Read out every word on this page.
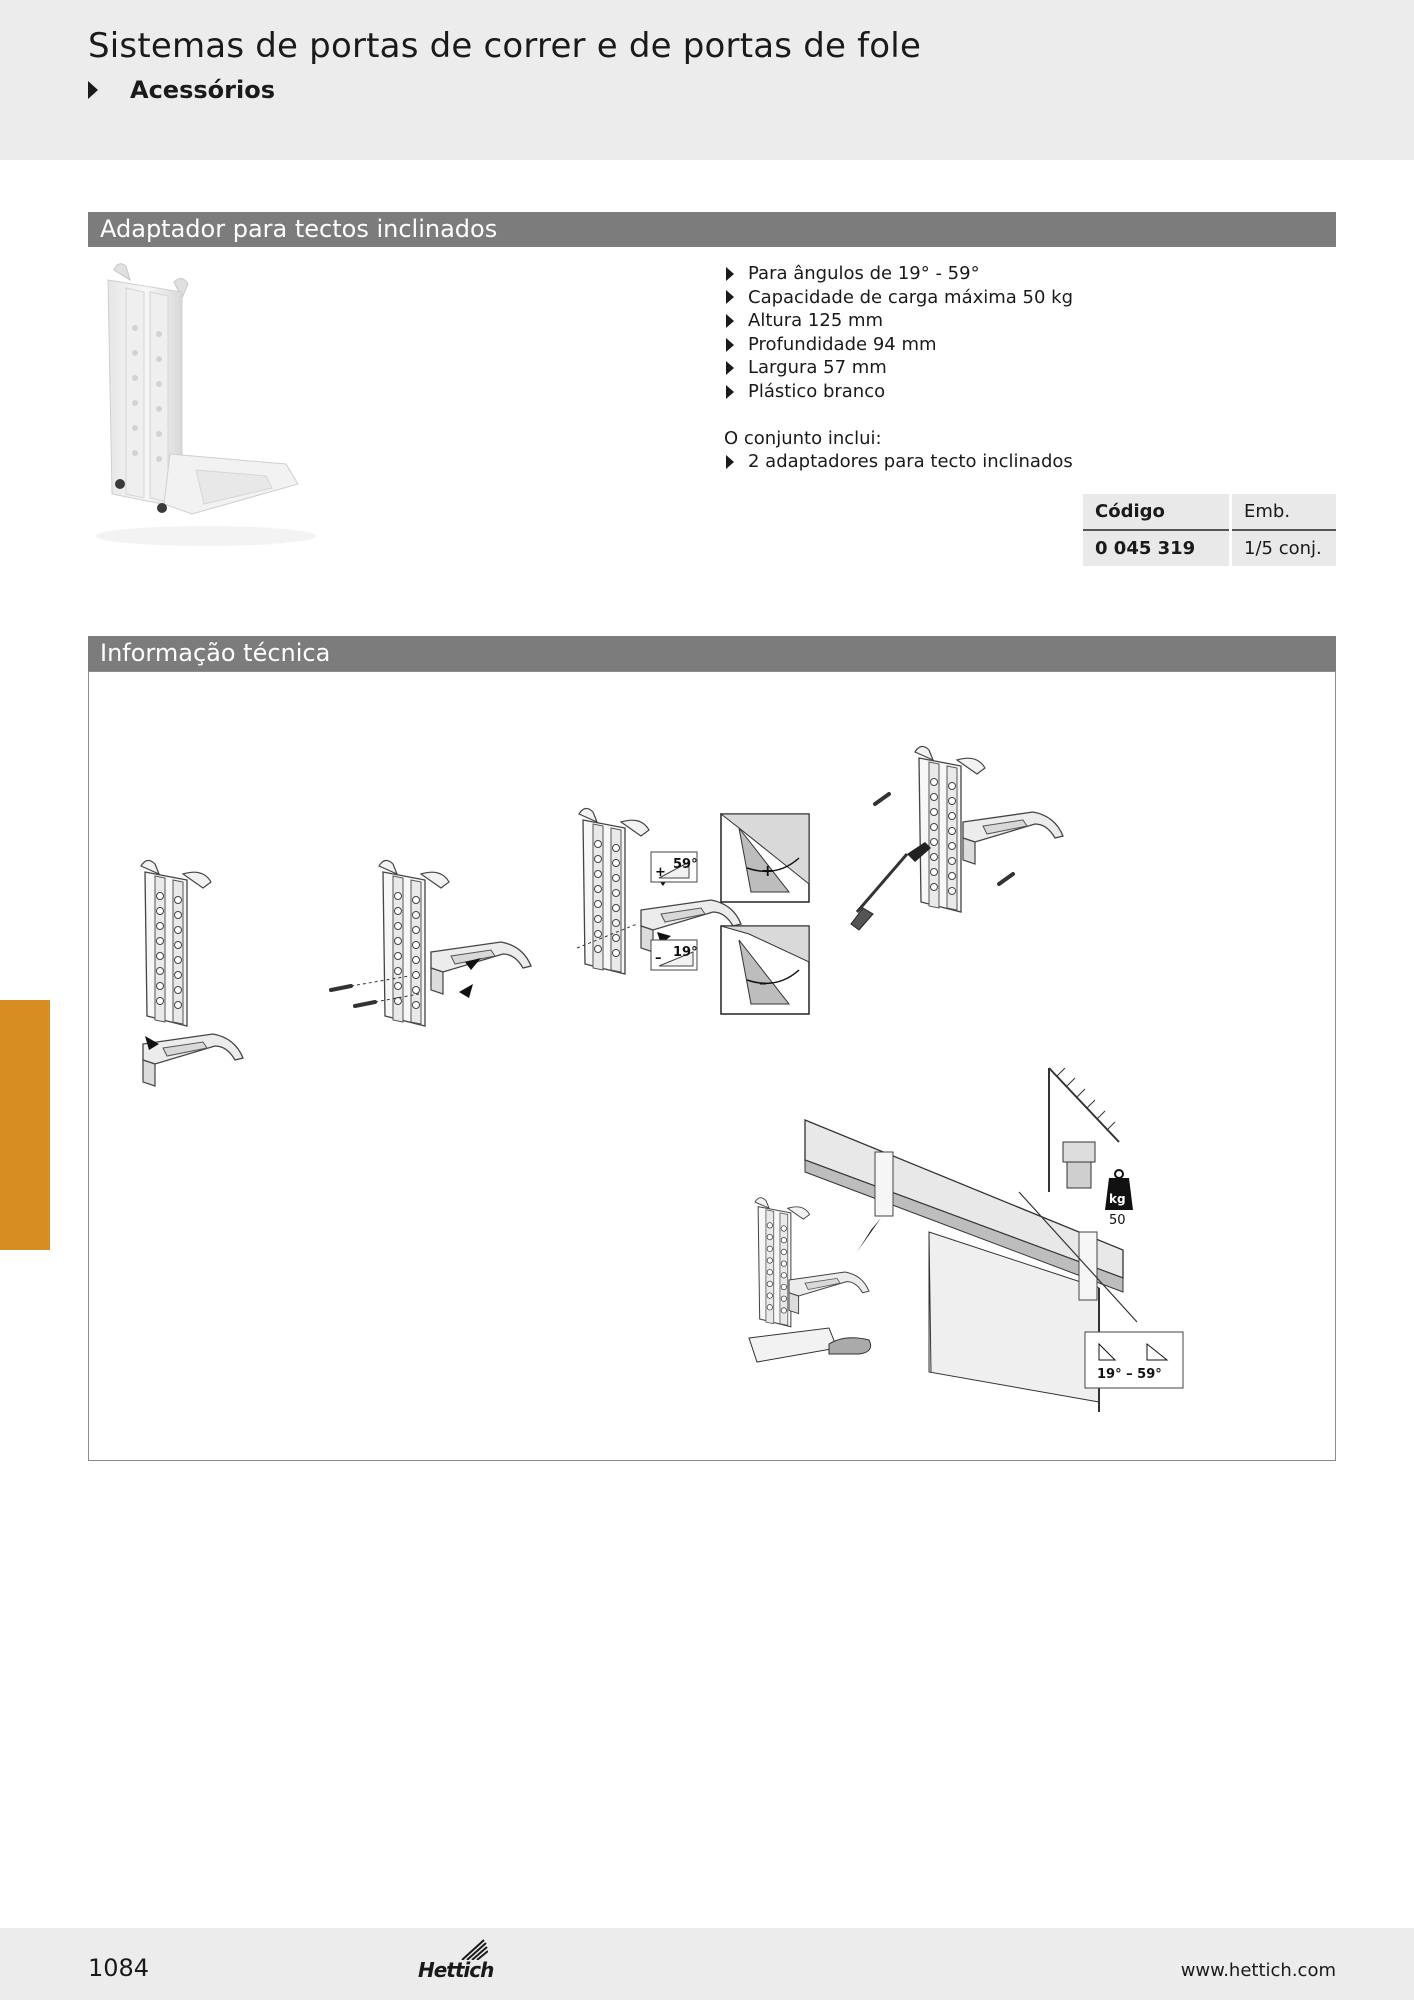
Sistemas de portas de correr e de portas de fole
Acessórios
Adaptador para tectos inclinados
Para ângulos de 19° - 59°
Capacidade de carga máxima 50 kg
Altura 125 mm
Profundidade 94 mm
Largura 57 mm
Plástico branco
O conjunto inclui:
2 adaptadores para tecto inclinados
Código	Emb.
0 045 319	1/5 conj.
Informação técnica
59°
+
19°
–
+
–
kg
50
19° – 59°
1084	Hettich	www.hettich.com
